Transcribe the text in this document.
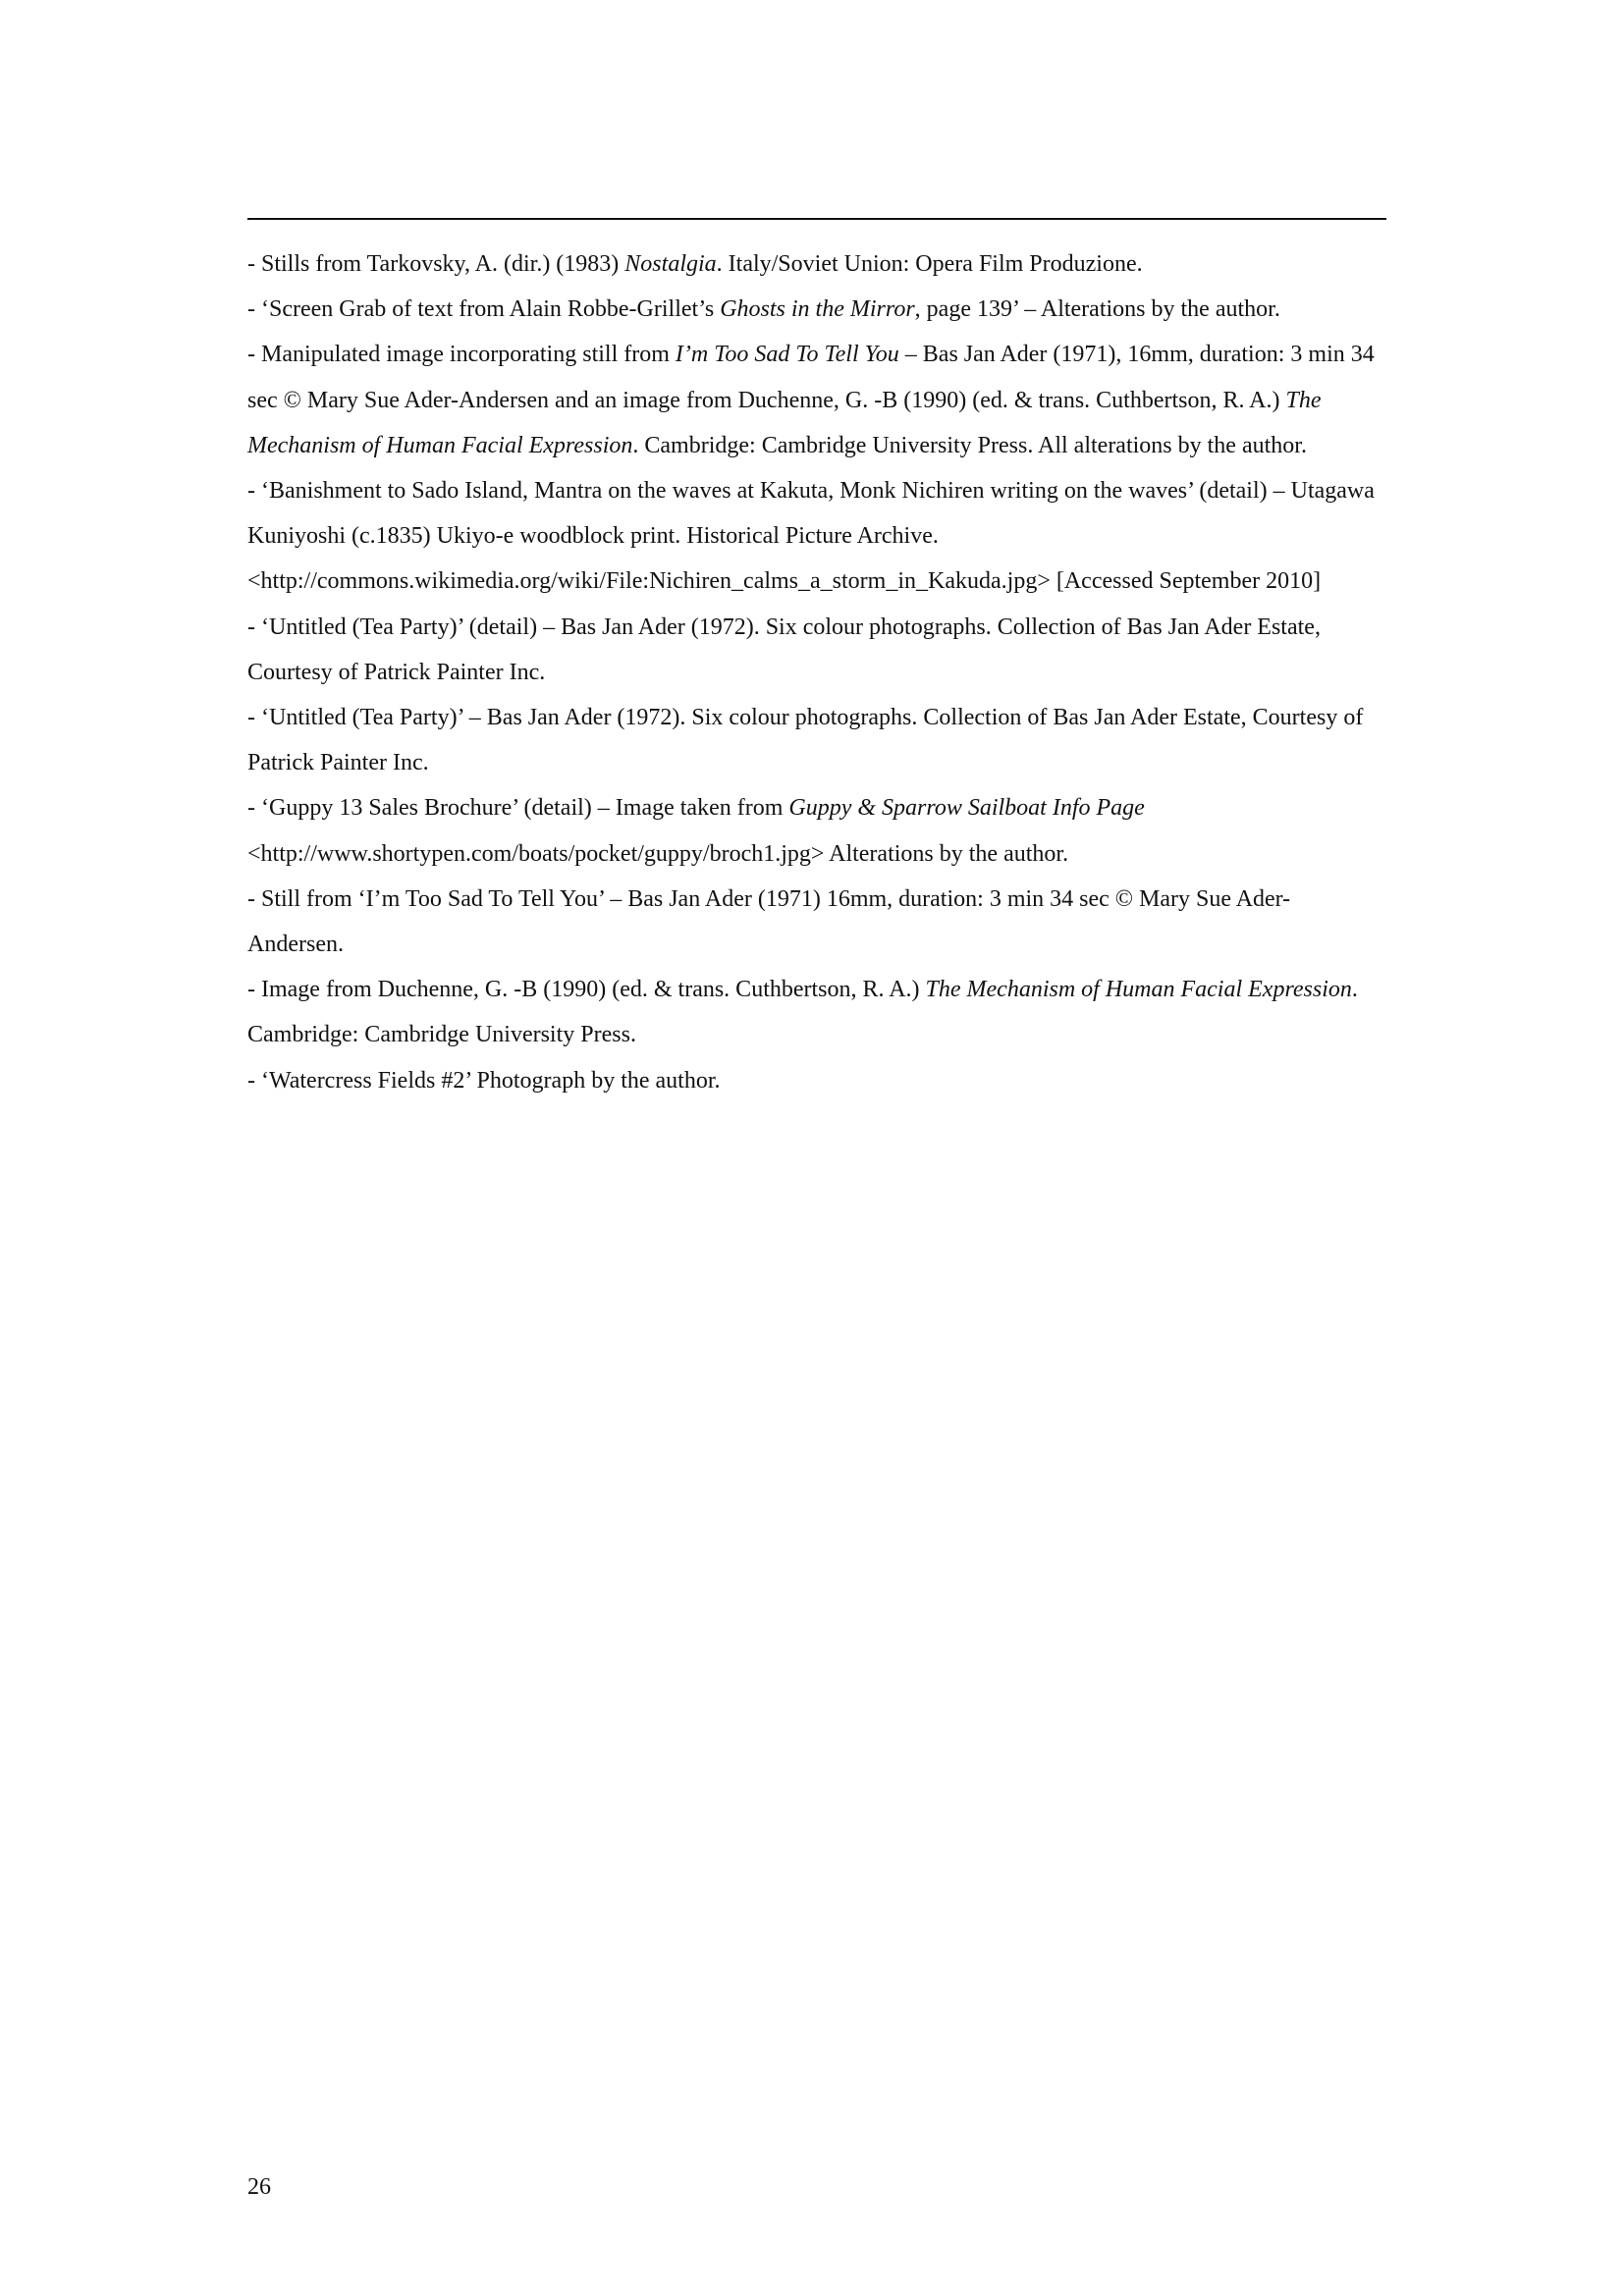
- Stills from Tarkovsky, A. (dir.) (1983) Nostalgia. Italy/Soviet Union: Opera Film Produzione.

- ‘Screen Grab of text from Alain Robbe-Grillet’s Ghosts in the Mirror, page 139’ – Alterations by the author.

- Manipulated image incorporating still from I’m Too Sad To Tell You – Bas Jan Ader (1971), 16mm, duration: 3 min 34 sec © Mary Sue Ader-Andersen and an image from Duchenne, G. -B (1990) (ed. & trans. Cuthbertson, R. A.) The Mechanism of Human Facial Expression. Cambridge: Cambridge University Press. All alterations by the author.

- ‘Banishment to Sado Island, Mantra on the waves at Kakuta, Monk Nichiren writing on the waves’ (detail) – Utagawa Kuniyoshi (c.1835) Ukiyo-e woodblock print. Historical Picture Archive. <http://commons.wikimedia.org/wiki/File:Nichiren_calms_a_storm_in_Kakuda.jpg> [Accessed September 2010]

- ‘Untitled (Tea Party)’ (detail) – Bas Jan Ader (1972). Six colour photographs. Collection of Bas Jan Ader Estate, Courtesy of Patrick Painter Inc.

- ‘Untitled (Tea Party)’ – Bas Jan Ader (1972). Six colour photographs. Collection of Bas Jan Ader Estate, Courtesy of Patrick Painter Inc.

- ‘Guppy 13 Sales Brochure’ (detail) – Image taken from Guppy & Sparrow Sailboat Info Page <http://www.shortypen.com/boats/pocket/guppy/broch1.jpg> Alterations by the author.

- Still from ‘I’m Too Sad To Tell You’ – Bas Jan Ader (1971) 16mm, duration: 3 min 34 sec © Mary Sue Ader-Andersen.

- Image from Duchenne, G. -B (1990) (ed. & trans. Cuthbertson, R. A.) The Mechanism of Human Facial Expression. Cambridge: Cambridge University Press.

- ‘Watercress Fields #2’ Photograph by the author.

26
